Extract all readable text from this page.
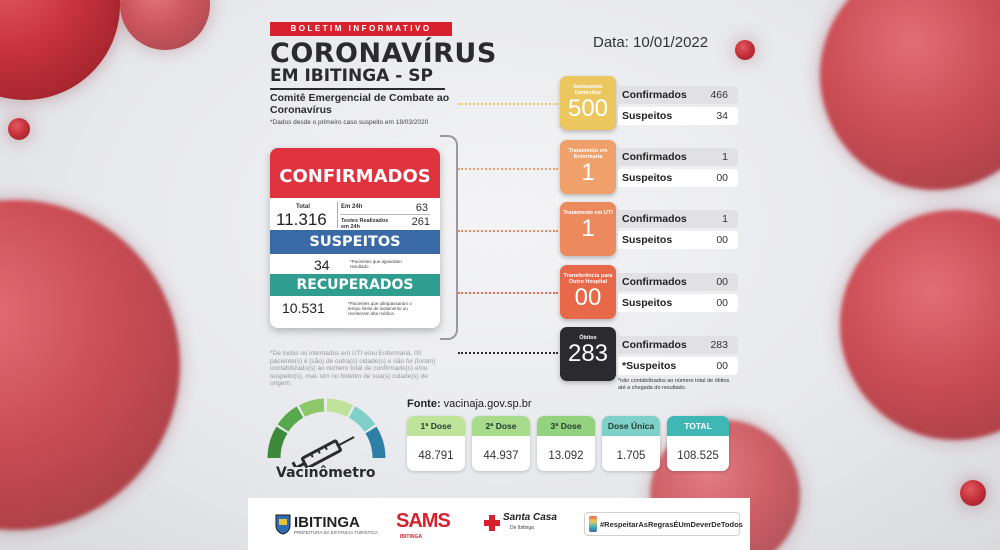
BOLETIM INFORMATIVO
CORONAVÍRUS
EM IBITINGA - SP
Comitê Emergencial de Combate ao Coronavírus
*Dados desde o primeiro caso suspeito em 18/03/2020
Data: 10/01/2022
CONFIRMADOS
Total
11.316
Em 24h	63
Testes Realizados em 24h	261
SUSPEITOS
34	*Pacientes que aguardam resultado
RECUPERADOS
10.531	*Pacientes que ultrapassaram o tempo limite de isolamento ou receberam alta médica
*De todos os internados em UTI e/ou Enfermaria, 00 paciente(s) é (são) de outra(s) cidade(s) e não foi (foram) contabilizado(s) ao número total de confirmado(s) e/ou suspeito(s), mas sim no boletim de sua(s) cidade(s) de origem.
Isolamento Domiciliar
500	Confirmados 466
Suspeitos	34
Tratamento em Enfermaria
1
Confirmados	1
Suspeitos	00
Tratamento em UTI
1	Confirmados	1
Suspeitos	00
Transferência para Outro Hospital
00
Confirmados	00
Suspeitos	00
Óbitos
283	Confirmados 283
*Suspeitos	00
*não contabilizados ao número total de óbitos até a chegada do resultado.
Vacinômetro
Fonte: vacinaja.gov.sp.br
1ª Dose
48.791
2ª Dose
44.937
3ª Dose
13.092
Dose Única
1.705
TOTAL
108.525
IBITINGA
PREFEITURA DA ESTÂNCIA TURÍSTICA
SAMS
IBITINGA
Santa Casa
De Ibitinga	#RespeitarAsRegrasÉUmDeverDeTodos
